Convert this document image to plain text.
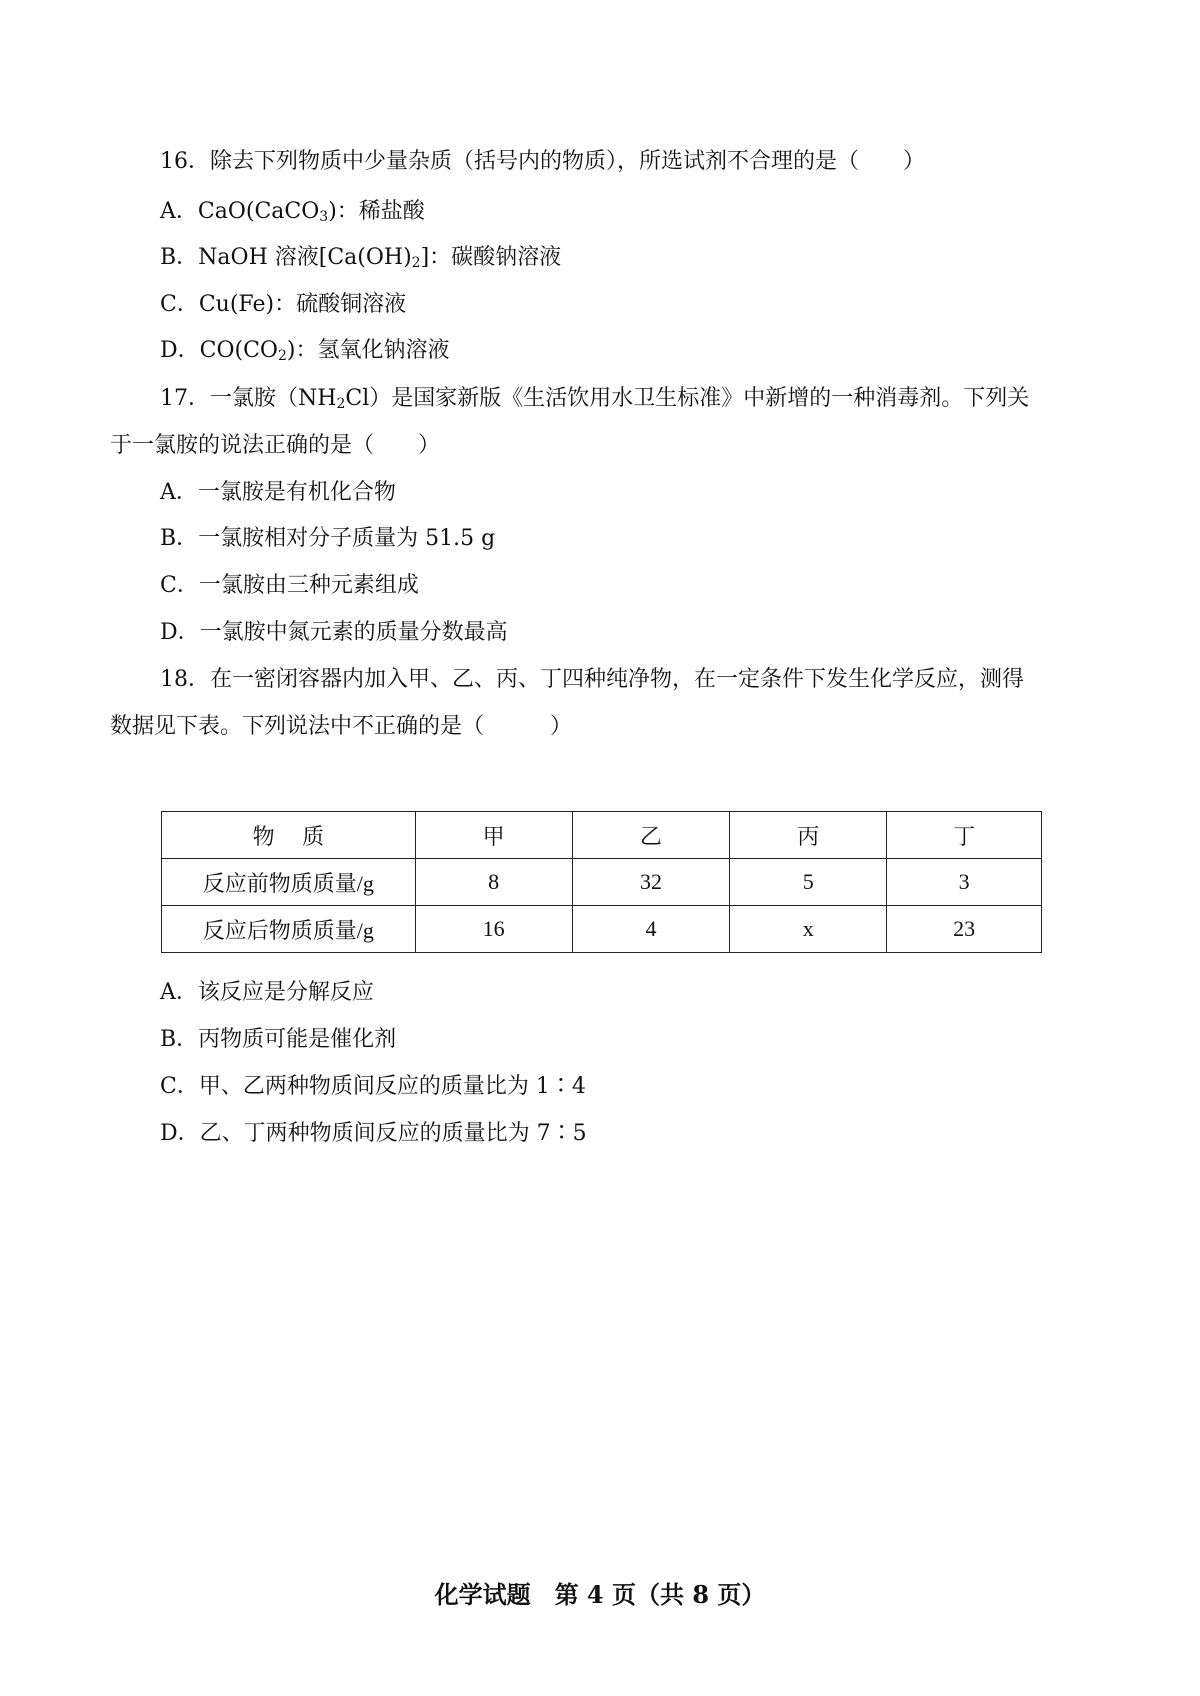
16．除去下列物质中少量杂质（括号内的物质），所选试剂不合理的是（　　）
A．CaO(CaCO$_3$)：稀盐酸
B．NaOH 溶液$[Ca(OH)_2]$：碳酸钠溶液
C．Cu(Fe)：硫酸铜溶液
D．$CO(CO_2)$：氢氧化钠溶液
17．一氯胺$(NH_2Cl)$是国家新版《生活饮用水卫生标准》中新增的一种消毒剂。下列关
于一氯胺的说法正确的是（　　）
A．一氯胺是有机化合物
B．一氯胺相对分子质量为 51.5 g
C．一氯胺由三种元素组成
D．一氯胺中氮元素的质量分数最高
18．在一密闭容器内加入甲、乙、丙、丁四种纯净物，在一定条件下发生化学反应，测得
数据见下表。下列说法中不正确的是（　　　）
物　 质	甲	乙	丙	丁
反应前物质质量/g	8	32	5	3
反应后物质质量/g	16	4	x	23
A．该反应是分解反应
B．丙物质可能是催化剂
C．甲、乙两种物质间反应的质量比为 1∶4
D．乙、丁两种物质间反应的质量比为 7∶5
化学试题　第 4 页（共 8 页）
